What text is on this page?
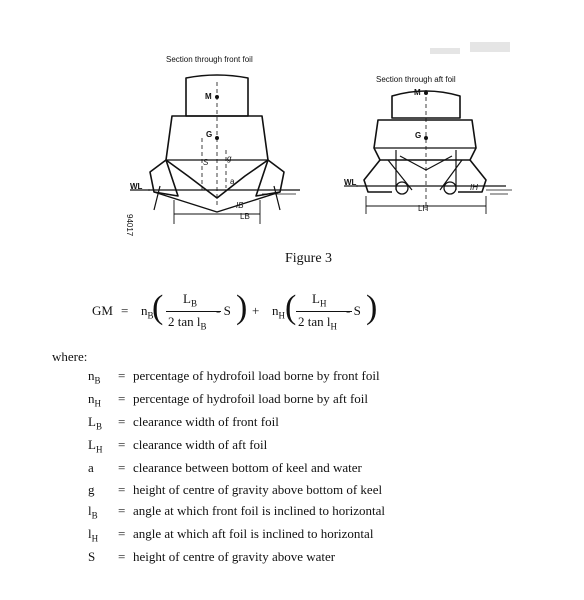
Section through front foil
Section through aft foil
M
G
S g
a
WL
LB
IB
94017
M
G
WL
LH
IH
Figure 3
GM = $n_B$
( $L_B$
2 $\tan l_B$
- S ) + $n_H$ ( $L_H$
2 $\tan l_H$
- S )
where:
$n_B$ = percentage of hydrofoil load borne by front foil
$n_H$ = percentage of hydrofoil load borne by aft foil
$L_B$ = clearance width of front foil
$L_H$ = clearance width of aft foil
a = clearance between bottom of keel and water
g = height of centre of gravity above bottom of keel
$l_B$ = angle at which front foil is inclined to horizontal
$l_H$ = angle at which aft foil is inclined to horizontal
S = height of centre of gravity above water
